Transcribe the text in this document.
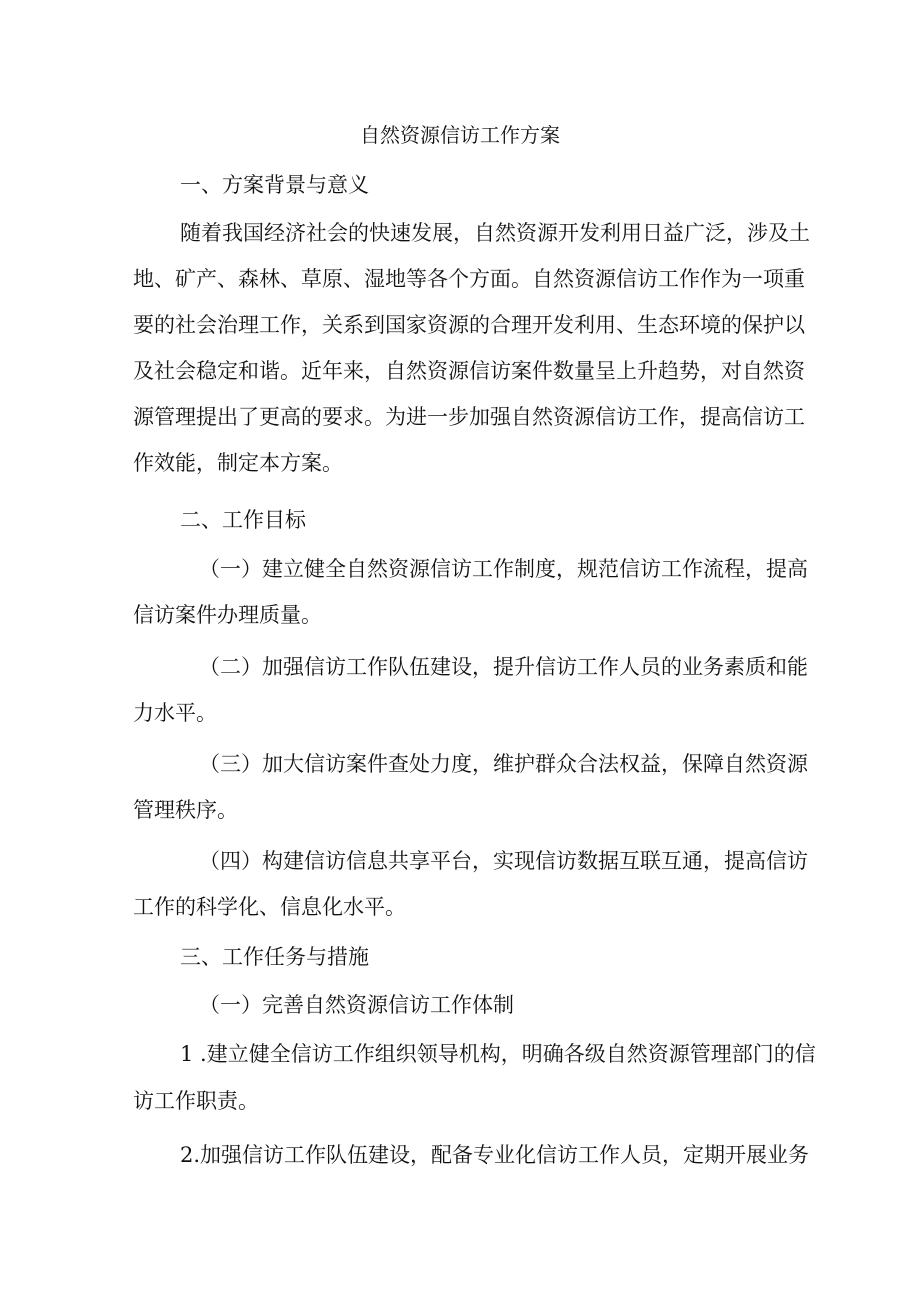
自然资源信访工作方案
一、方案背景与意义
随着我国经济社会的快速发展，自然资源开发利用日益广泛，涉及土
地、矿产、森林、草原、湿地等各个方面。自然资源信访工作作为一项重
要的社会治理工作，关系到国家资源的合理开发利用、生态环境的保护以
及社会稳定和谐。近年来，自然资源信访案件数量呈上升趋势，对自然资
源管理提出了更高的要求。为进一步加强自然资源信访工作，提高信访工
作效能，制定本方案。
二、工作目标
（一）建立健全自然资源信访工作制度，规范信访工作流程，提高
信访案件办理质量。
（二）加强信访工作队伍建设，提升信访工作人员的业务素质和能
力水平。
（三）加大信访案件查处力度，维护群众合法权益，保障自然资源
管理秩序。
（四）构建信访信息共享平台，实现信访数据互联互通，提高信访
工作的科学化、信息化水平。
三、工作任务与措施
（一）完善自然资源信访工作体制
1 .建立健全信访工作组织领导机构，明确各级自然资源管理部门的信
访工作职责。
2.加强信访工作队伍建设，配备专业化信访工作人员，定期开展业务
